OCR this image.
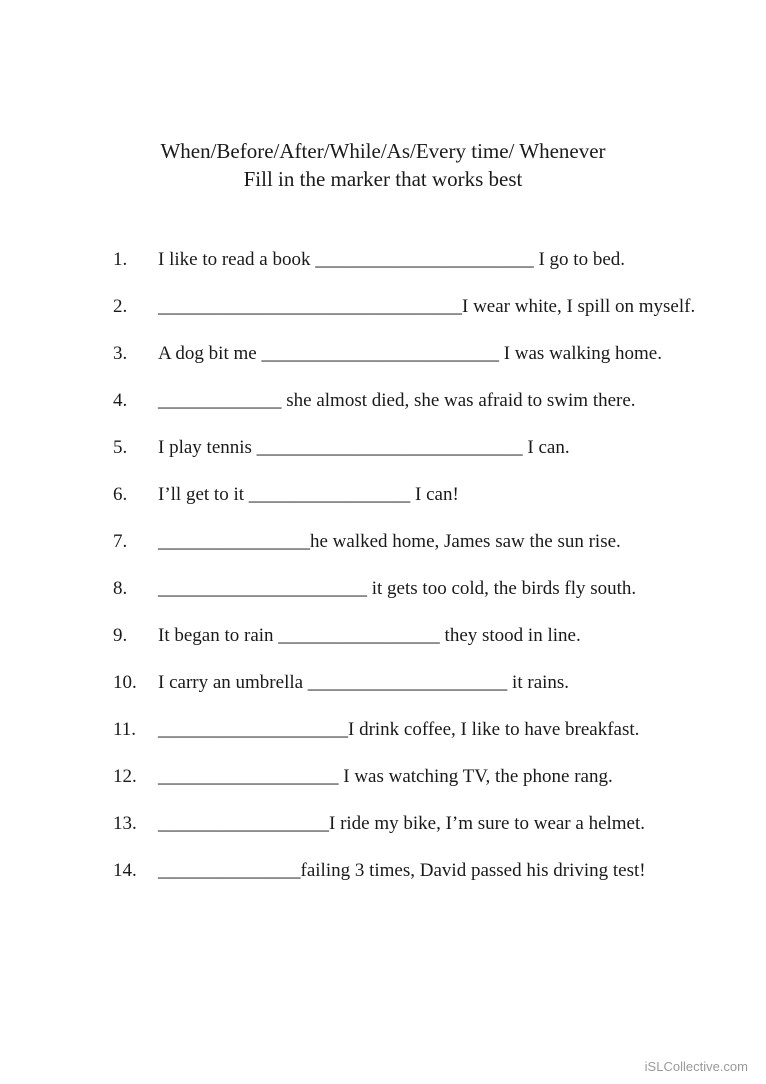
When/Before/After/While/As/Every time/ Whenever
Fill in the marker that works best
1. I like to read a book _______________________ I go to bed.
2. ________________________________I wear white, I spill on myself.
3. A dog bit me _________________________ I was walking home.
4. _____________ she almost died, she was afraid to swim there.
5. I play tennis ____________________________ I can.
6. I’ll get to it _________________ I can!
7. ________________he walked home, James saw the sun rise.
8. ______________________ it gets too cold, the birds fly south.
9. It began to rain _________________ they stood in line.
10. I carry an umbrella _____________________ it rains.
11. ____________________I drink coffee, I like to have breakfast.
12. ___________________ I was watching TV, the phone rang.
13. __________________I ride my bike, I’m sure to wear a helmet.
14. _______________failing 3 times, David passed his driving test!
iSLCollective.com
